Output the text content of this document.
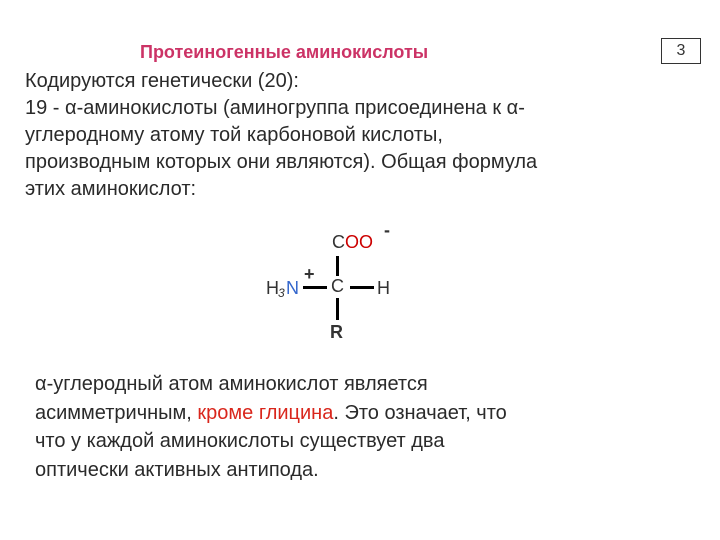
3
Протеиногенные аминокислоты

Кодируются генетически (20):

19 - α-аминокислоты (аминогруппа присоединена к α-

углеродному атому той карбоновой кислоты,

производным которых они являются). Общая формула

этих аминокислот:

C OO
-
H 3 N
+
C H
R

α-углеродный атом аминокислот является

асимметричным, кроме глицина. Это означает, что

что у каждой аминокислоты существует два

оптически активных антипода.
